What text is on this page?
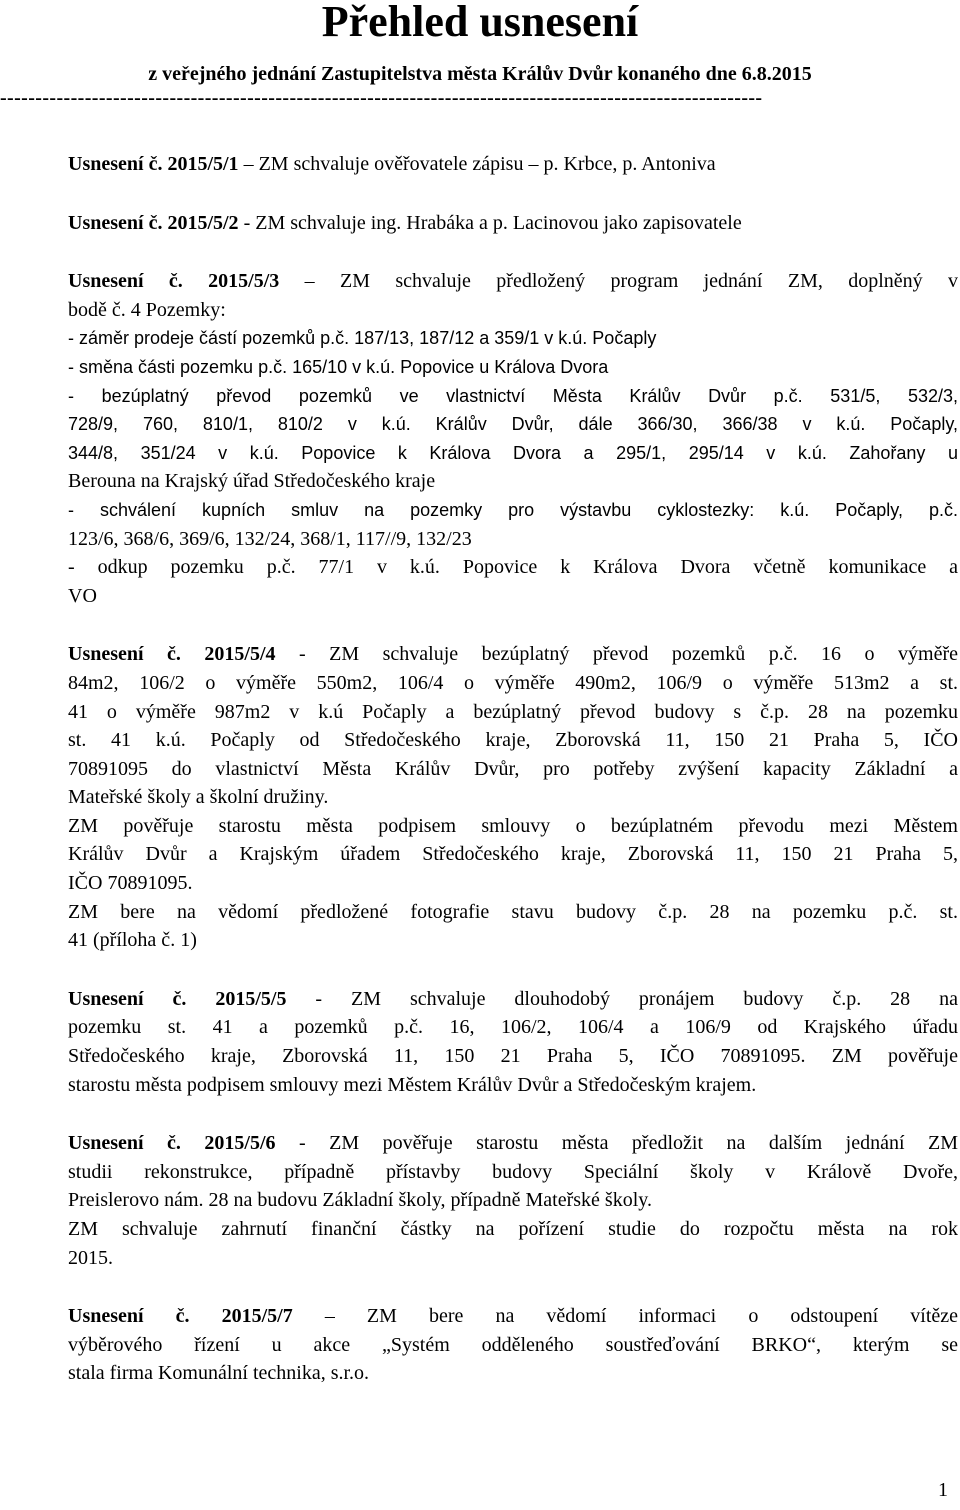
Přehled usnesení
z veřejného jednání Zastupitelstva města Králův Dvůr konaného dne 6.8.2015
------------------------------------------------------------------------------------------------------------
Usnesení č. 2015/5/1 – ZM schvaluje ověřovatele zápisu – p. Krbce, p. Antoniva
Usnesení č. 2015/5/2 - ZM schvaluje ing. Hrabáka a p. Lacinovou jako zapisovatele
Usnesení č. 2015/5/3 – ZM schvaluje předložený program jednání ZM, doplněný v
bodě č. 4 Pozemky:
- záměr prodeje částí pozemků p.č. 187/13, 187/12 a 359/1 v k.ú. Počaply
- směna části pozemku p.č. 165/10 v k.ú. Popovice u Králova Dvora
- bezúplatný převod pozemků ve vlastnictví Města Králův Dvůr p.č. 531/5, 532/3,
728/9, 760, 810/1, 810/2 v k.ú. Králův Dvůr, dále 366/30, 366/38 v k.ú. Počaply,
344/8, 351/24 v k.ú. Popovice k Králova Dvora a 295/1, 295/14 v k.ú. Zahořany u
Berouna na Krajský úřad Středočeského kraje
- schválení kupních smluv na pozemky pro výstavbu cyklostezky: k.ú. Počaply, p.č.
123/6, 368/6, 369/6, 132/24, 368/1, 117//9, 132/23
- odkup pozemku p.č. 77/1 v k.ú. Popovice k Králova Dvora včetně komunikace a
VO
Usnesení č. 2015/5/4 - ZM schvaluje bezúplatný převod pozemků p.č. 16 o výměře
84m2, 106/2 o výměře 550m2, 106/4 o výměře 490m2, 106/9 o výměře 513m2 a st.
41 o výměře 987m2 v k.ú Počaply a bezúplatný převod budovy s č.p. 28 na pozemku
st. 41 k.ú. Počaply od Středočeského kraje, Zborovská 11, 150 21 Praha 5, IČO
70891095 do vlastnictví Města Králův Dvůr, pro potřeby zvýšení kapacity Základní a
Mateřské školy a školní družiny.
ZM pověřuje starostu města podpisem smlouvy o bezúplatném převodu mezi Městem
Králův Dvůr a Krajským úřadem Středočeského kraje, Zborovská 11, 150 21 Praha 5,
IČO 70891095.
ZM bere na vědomí předložené fotografie stavu budovy č.p. 28 na pozemku p.č. st.
41 (příloha č. 1)
Usnesení č. 2015/5/5 - ZM schvaluje dlouhodobý pronájem budovy č.p. 28 na
pozemku st. 41 a pozemků p.č. 16, 106/2, 106/4 a 106/9 od Krajského úřadu
Středočeského kraje, Zborovská 11, 150 21 Praha 5, IČO 70891095. ZM pověřuje
starostu města podpisem smlouvy mezi Městem Králův Dvůr a Středočeským krajem.
Usnesení č. 2015/5/6 - ZM pověřuje starostu města předložit na dalším jednání ZM
studii rekonstrukce, případně přístavby budovy Speciální školy v Králově Dvoře,
Preislerovo nám. 28 na budovu Základní školy, případně Mateřské školy.
ZM schvaluje zahrnutí finanční částky na pořízení studie do rozpočtu města na rok
2015.
Usnesení č. 2015/5/7 – ZM bere na vědomí informaci o odstoupení vítěze
výběrového řízení u akce „Systém odděleného soustřeďování BRKO“, kterým se
stala firma Komunální technika, s.r.o.
1
